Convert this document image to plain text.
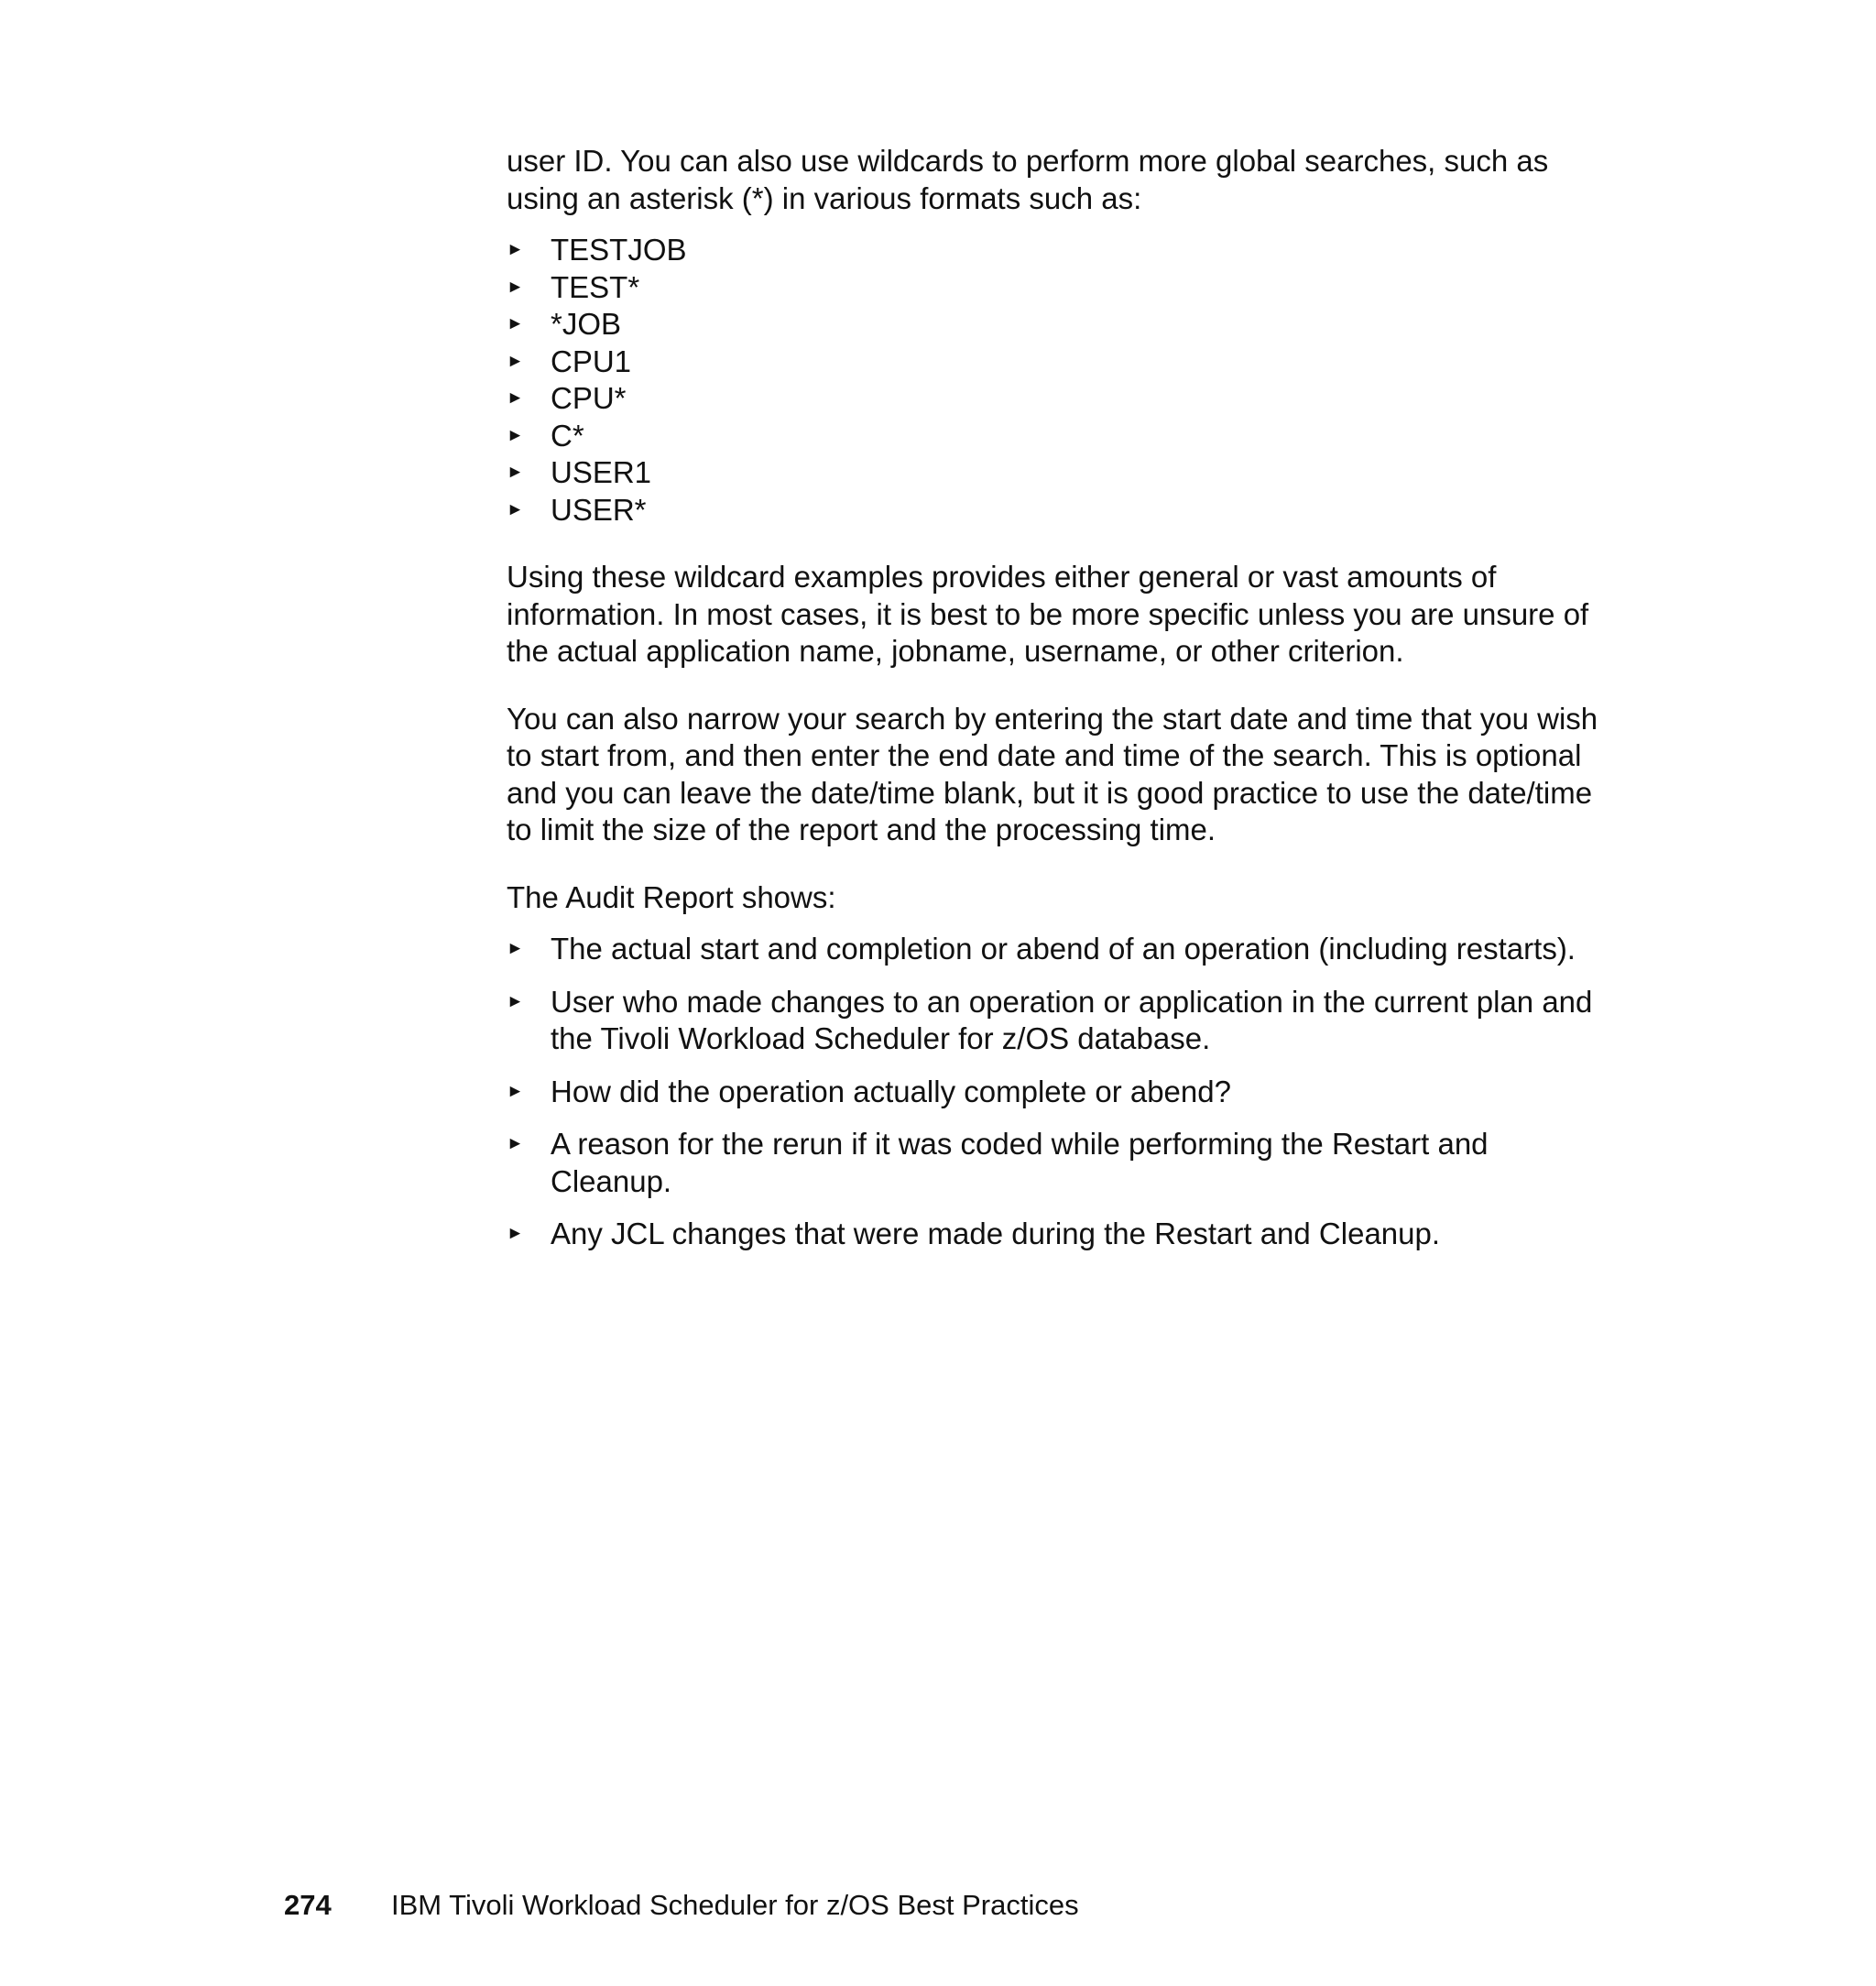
user ID. You can also use wildcards to perform more global searches, such as using an asterisk (*) in various formats such as:

► TESTJOB
► TEST*
► *JOB
► CPU1
► CPU*
► C*
► USER1
► USER*

Using these wildcard examples provides either general or vast amounts of information. In most cases, it is best to be more specific unless you are unsure of the actual application name, jobname, username, or other criterion.

You can also narrow your search by entering the start date and time that you wish to start from, and then enter the end date and time of the search. This is optional and you can leave the date/time blank, but it is good practice to use the date/time to limit the size of the report and the processing time.

The Audit Report shows:

► The actual start and completion or abend of an operation (including restarts).
► User who made changes to an operation or application in the current plan and the Tivoli Workload Scheduler for z/OS database.
► How did the operation actually complete or abend?
► A reason for the rerun if it was coded while performing the Restart and Cleanup.
► Any JCL changes that were made during the Restart and Cleanup.
274 IBM Tivoli Workload Scheduler for z/OS Best Practices
